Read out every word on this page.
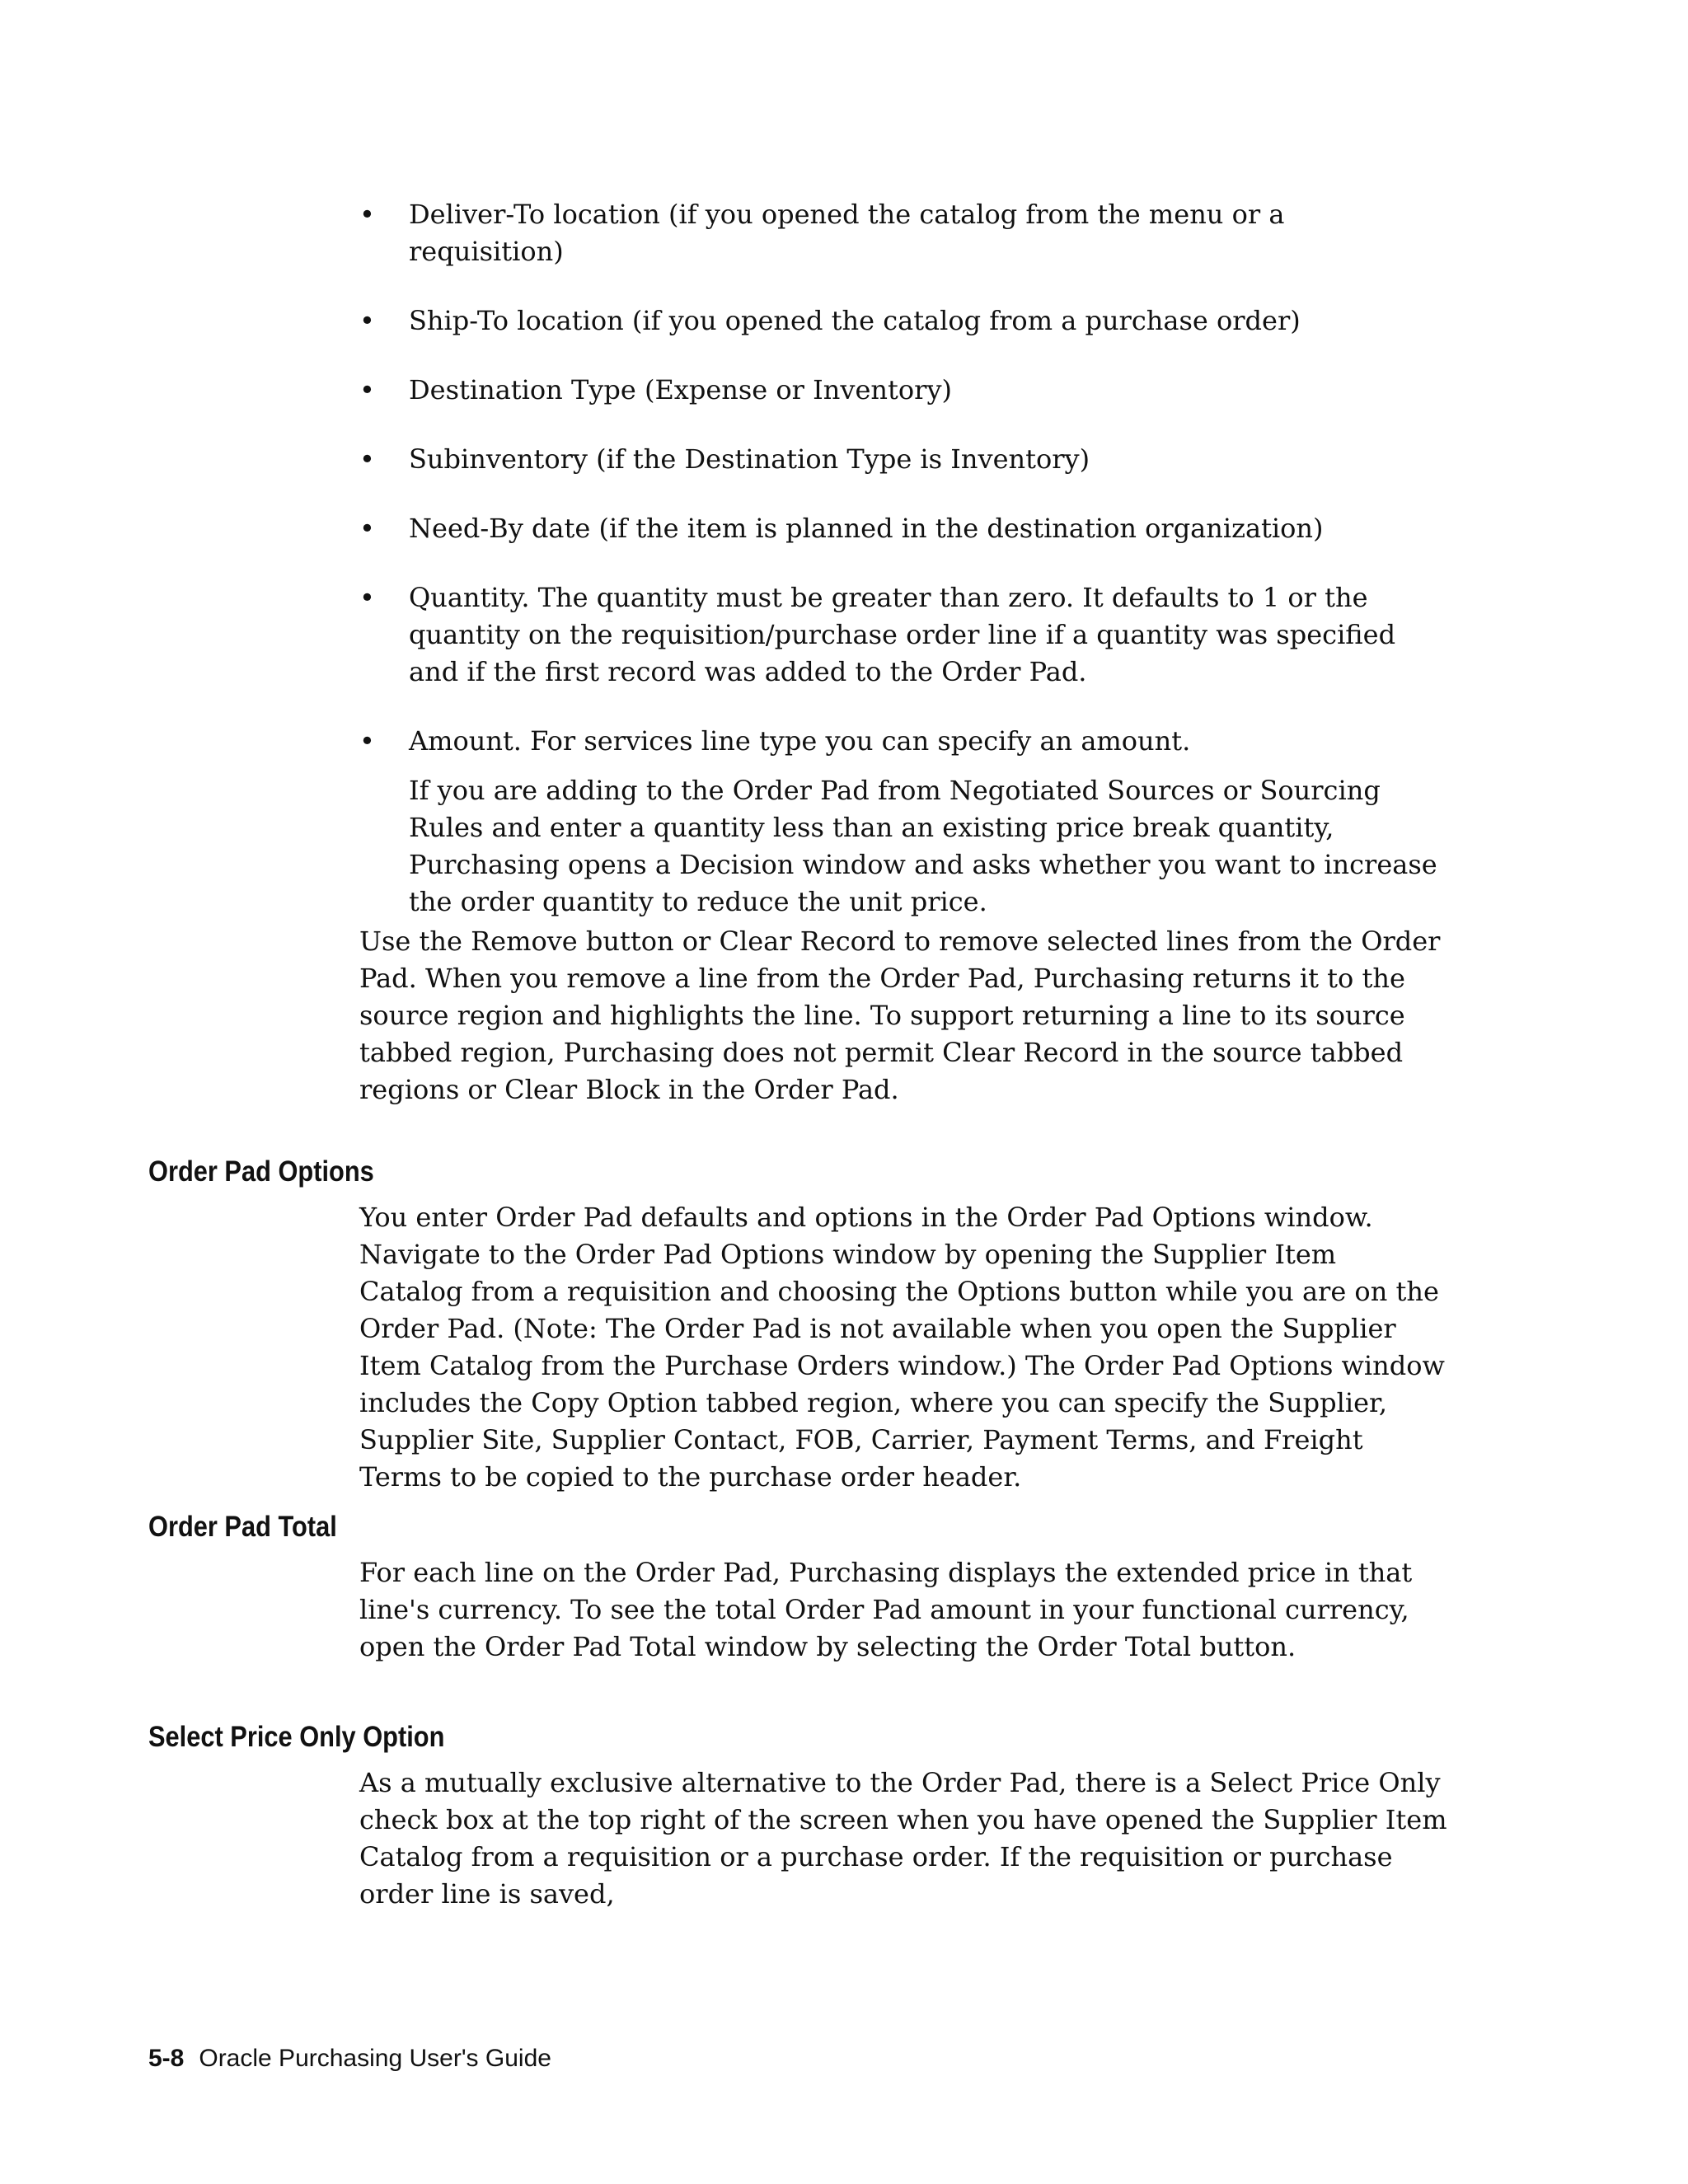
• Deliver-To location (if you opened the catalog from the menu or a requisition)
• Ship-To location (if you opened the catalog from a purchase order)
• Destination Type (Expense or Inventory)
• Subinventory (if the Destination Type is Inventory)
• Need-By date (if the item is planned in the destination organization)
• Quantity. The quantity must be greater than zero. It defaults to 1 or the quantity on the requisition/purchase order line if a quantity was specified and if the first record was added to the Order Pad.
• Amount. For services line type you can specify an amount.
If you are adding to the Order Pad from Negotiated Sources or Sourcing Rules and enter a quantity less than an existing price break quantity, Purchasing opens a Decision window and asks whether you want to increase the order quantity to reduce the unit price.

Use the Remove button or Clear Record to remove selected lines from the Order Pad. When you remove a line from the Order Pad, Purchasing returns it to the source region and highlights the line. To support returning a line to its source tabbed region, Purchasing does not permit Clear Record in the source tabbed regions or Clear Block in the Order Pad.

Order Pad Options

You enter Order Pad defaults and options in the Order Pad Options window. Navigate to the Order Pad Options window by opening the Supplier Item Catalog from a requisition and choosing the Options button while you are on the Order Pad. (Note: The Order Pad is not available when you open the Supplier Item Catalog from the Purchase Orders window.) The Order Pad Options window includes the Copy Option tabbed region, where you can specify the Supplier, Supplier Site, Supplier Contact, FOB, Carrier, Payment Terms, and Freight Terms to be copied to the purchase order header.

Order Pad Total

For each line on the Order Pad, Purchasing displays the extended price in that line's currency. To see the total Order Pad amount in your functional currency, open the Order Pad Total window by selecting the Order Total button.

Select Price Only Option

As a mutually exclusive alternative to the Order Pad, there is a Select Price Only check box at the top right of the screen when you have opened the Supplier Item Catalog from a requisition or a purchase order. If the requisition or purchase order line is saved,

5-8 Oracle Purchasing User's Guide
